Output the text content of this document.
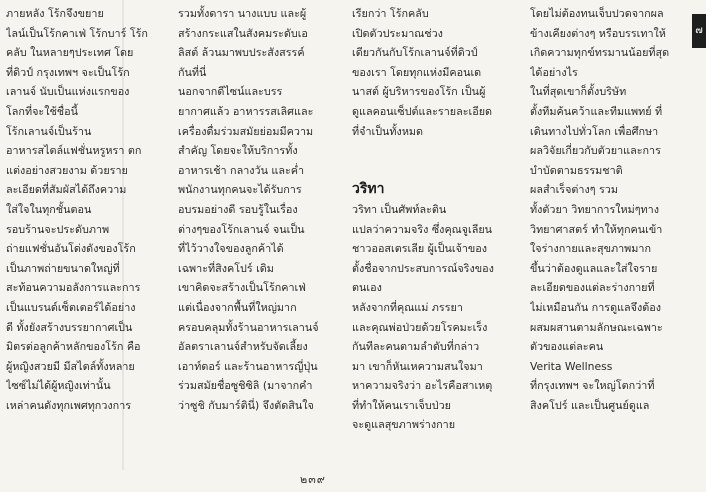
ภายหลัง โร้กจึงขยาย

ไลน์เป็นโร้กคาเฟ่ โร้กบาร์ โร้ก

คลับ ในหลายๆประเทศ โดย

ที่ดิวป์ กรุงเทพฯ จะเป็นโร้ก

เลานจ์ นับเป็นแห่งแรกของ

โลกที่จะใช้ชื่อนี้

โร้กเลานจ์เป็นร้าน

อาหารสไตล์แฟชั่นหรูหรา ตก

แต่งอย่างสวยงาม ด้วยราย

ละเอียดที่สัมผัสได้ถึงความ

ใส่ใจในทุกชั้นตอน

รอบร้านจะประดับภาพ

ถ่ายแฟชั่นอันโด่งดังของโร้ก

เป็นภาพถ่ายขนาดใหญ่ที่

สะท้อนความอลังการและการ

เป็นแบรนด์เซ็ตเตอร์ได้อย่าง

ดี ทั้งยังสร้างบรรยากาศเป็น

มิตรต่อลูกค้าหลักของโร้ก คือ

ผู้หญิงสวยมี มีสไตล์ทั้งหลาย

ไซซ์ไม่ได้ผู้หญิงเท่านั้น

เหล่าคนดังทุกเพศทุกวงการ

รวมทั้งดารา นางแบบ และผู้

สร้างกระแสในสังคมระดับเอ

ลิสต์ ล้วนมาพบประสังสรรค์

กันที่นี่

นอกจากดีไซน์และบรร

ยากาศแล้ว อาหารรสเลิศและ

เครื่องดื่มร่วมสมัยย่อมมีความ

สำคัญ โดยจะให้บริการทั้ง

อาหารเช้า กลางวัน และค่ำ

พนักงานทุกคนจะได้รับการ

อบรมอย่างดี รอบรู้ในเรื่อง

ต่างๆของโร้กเลานจ์ จนเป็น

ที่ไว้วางใจของลูกค้าได้

เฉพาะที่สิงคโปร์ เดิม

เขาคิดจะสร้างเป็นโร้กคาเฟ่

แต่เนื่องจากพื้นที่ใหญ่มาก

ครอบคลุมทั้งร้านอาหารเลานจ์

อัลตราเลานจ์สำหรับจัดเลี้ยง

เอาท์ดอร์ และร้านอาหารญี่ปุ่น

ร่วมสมัยชื่อซูชิซิลิ (มาจากคำ

ว่าซูชิ กับมาร์ตินี่) จึงตัดสินใจ

เรียกว่า โร้กคลับ

เปิดตัวประมาณช่วง

เดียวกันกับโร้กเลานจ์ที่ดิวป์

ของเรา โดยทุกแห่งมีคอนเด

นาสต์ ผู้บริหารของโร้ก เป็นผู้

ดูแลคอนเซ็ปต์และรายละเอียด

ที่จำเป็นทั้งหมด

วริทา

วริทา เป็นศัพท์ละติน

แปลว่าความจริง ซึ่งคุณจูเลียน

ชาวออสเตรเลีย ผู้เป็นเจ้าของ

ตั้งชื่อจากประสบการณ์จริงของ

ตนเอง

หลังจากที่คุณแม่ ภรรยา

และคุณพ่อป่วยด้วยโรคมะเร็ง

กันทีละคนตามลำดับที่กล่าว

มา เขาก็หันเหความสนใจมา

หาความจริงว่า อะไรคือสาเหตุ

ที่ทำให้คนเราเจ็บป่วย

จะดูแลสุขภาพร่างกาย

โดยไม่ต้องทนเจ็บปวดจากผล

ข้างเคียงต่างๆ หรือบรรเทาให้

เกิดความทุกข์ทรมานน้อยที่สุด

ได้อย่างไร

ในที่สุดเขาก็ตั้งบริษัท

ตั้งทีมค้นคว้าและทีมแพทย์ ที่

เดินทางไปทั่วโลก เพื่อศึกษา

ผลวิจัยเกี่ยวกับตัวยาและการ

บำบัดตามธรรมชาติ

ผลสำเร็จต่างๆ รวม

ทั้งตัวยา วิทยาการใหม่ๆทาง

วิทยาศาสตร์ ทำให้ทุกคนเข้า

ใจร่างกายและสุขภาพมาก

ขึ้นว่าต้องดูแลและใส่ใจราย

ละเอียดของแต่ละร่างกายที่

ไม่เหมือนกัน การดูแลจึงต้อง

ผสมผสานตามลักษณะเฉพาะ

ตัวของแต่ละคน

Verita Wellness

ที่กรุงเทพฯ จะใหญ่โตกว่าที่

สิงคโปร์ และเป็นศูนย์ดูแล

๗
๒๓๙
